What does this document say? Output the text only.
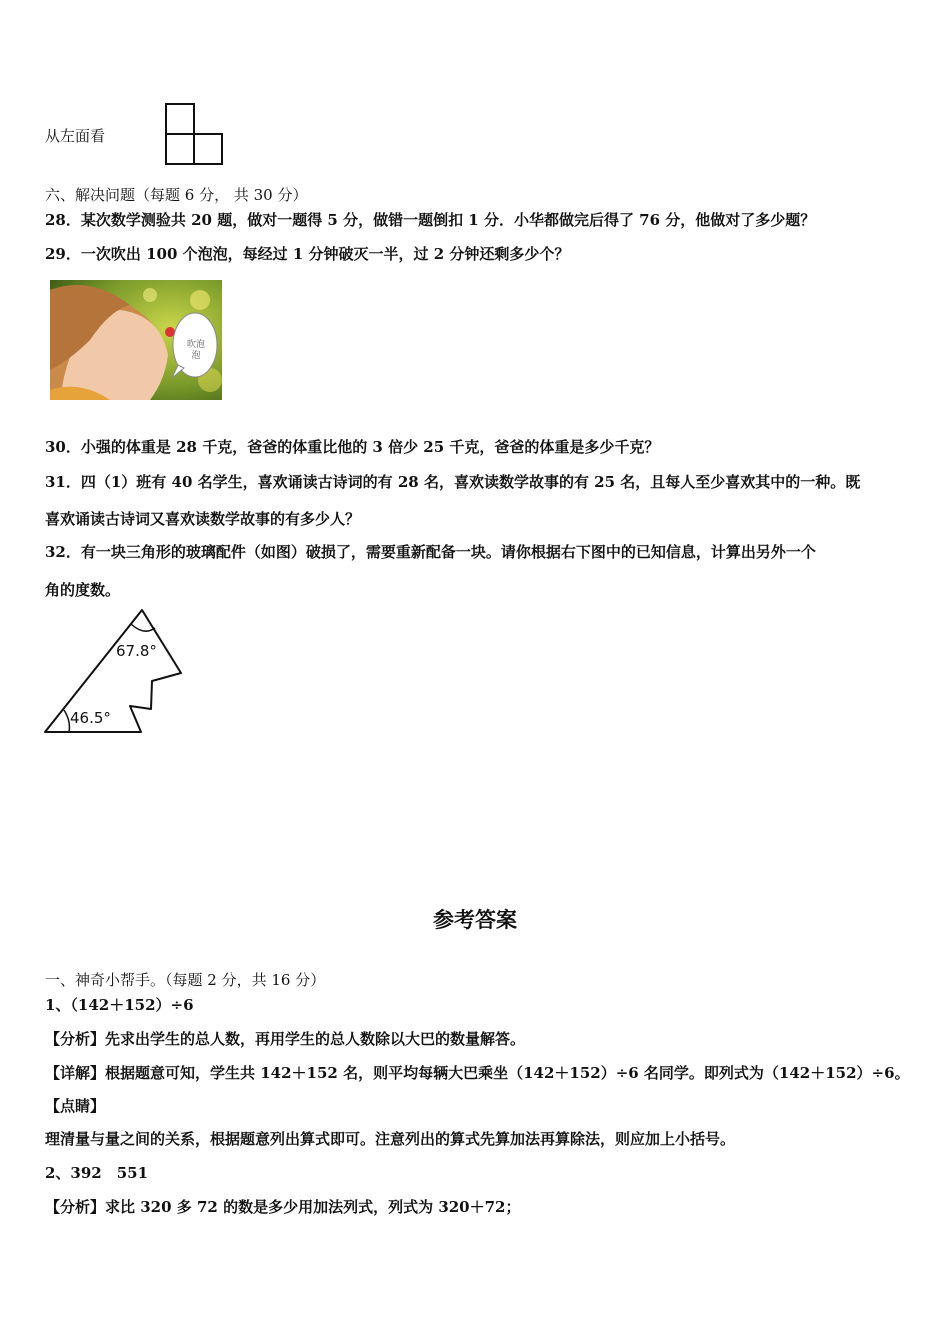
从左面看
六、解决问题（每题 6 分， 共 30 分）
28．某次数学测验共 20 题，做对一题得 5 分，做错一题倒扣 1 分．小华都做完后得了 76 分，他做对了多少题？
29．一次吹出 100 个泡泡，每经过 1 分钟破灭一半，过 2 分钟还剩多少个？
吹泡泡
30．小强的体重是 28 千克，爸爸的体重比他的 3 倍少 25 千克，爸爸的体重是多少千克？
31．四（1）班有 40 名学生，喜欢诵读古诗词的有 28 名，喜欢读数学故事的有 25 名，且每人至少喜欢其中的一种。既
喜欢诵读古诗词又喜欢读数学故事的有多少人？
32．有一块三角形的玻璃配件（如图）破损了，需要重新配备一块。请你根据右下图中的已知信息，计算出另外一个
角的度数。
67.8°
46.5°
参考答案
一、神奇小帮手。（每题 2 分，共 16 分）
1、（142＋152）÷6
【分析】先求出学生的总人数，再用学生的总人数除以大巴的数量解答。
【详解】根据题意可知，学生共 142＋152 名，则平均每辆大巴乘坐（142＋152）÷6 名同学。即列式为（142＋152）÷6。
【点睛】
理清量与量之间的关系，根据题意列出算式即可。注意列出的算式先算加法再算除法，则应加上小括号。
2、392　551
【分析】求比 320 多 72 的数是多少用加法列式，列式为 320＋72；
